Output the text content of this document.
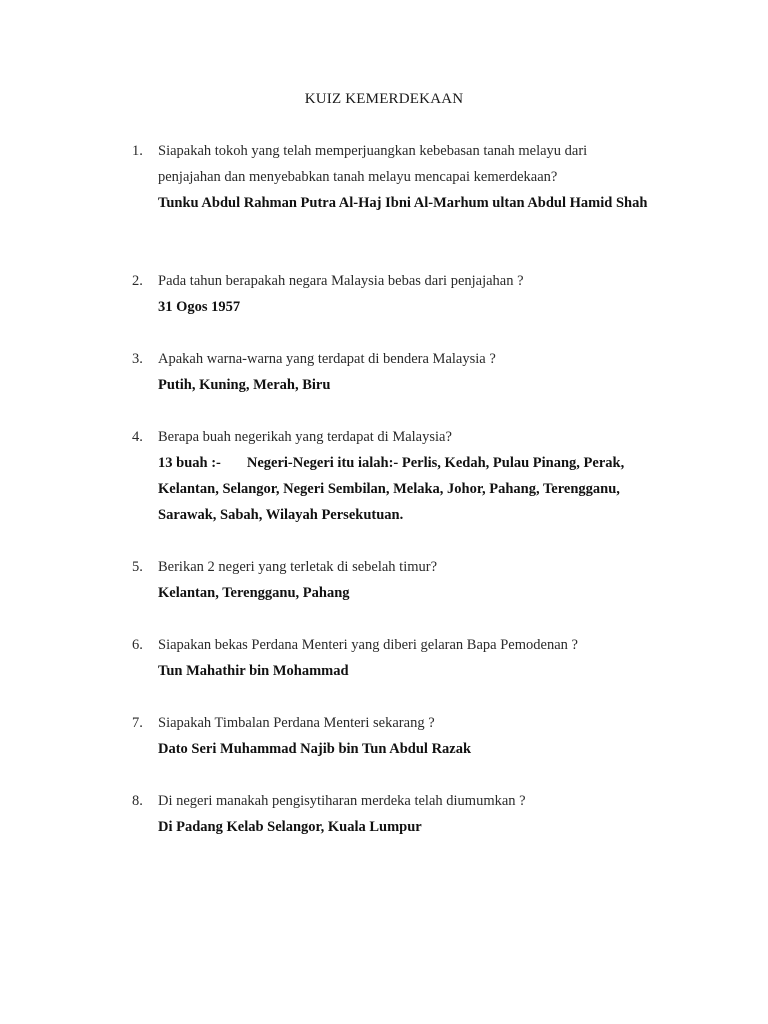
KUIZ KEMERDEKAAN
1.	Siapakah tokoh yang telah memperjuangkan kebebasan tanah melayu dari penjajahan dan menyebabkan tanah melayu mencapai kemerdekaan?
Tunku Abdul Rahman Putra Al-Haj Ibni Al-Marhum ultan Abdul Hamid Shah
2.	Pada tahun berapakah negara Malaysia bebas dari penjajahan ?
31 Ogos 1957
3.	Apakah warna-warna yang terdapat di bendera Malaysia ?
Putih, Kuning, Merah, Biru
4.	Berapa buah negerikah yang terdapat di Malaysia?
13 buah :- Negeri-Negeri itu ialah:- Perlis, Kedah, Pulau Pinang, Perak, Kelantan, Selangor, Negeri Sembilan, Melaka, Johor, Pahang, Terengganu, Sarawak, Sabah, Wilayah Persekutuan.
5.	Berikan 2 negeri yang terletak di sebelah timur?
Kelantan, Terengganu, Pahang
6.	Siapakan bekas Perdana Menteri yang diberi gelaran Bapa Pemodenan ?
Tun Mahathir bin Mohammad
7.	Siapakah Timbalan Perdana Menteri sekarang ?
Dato Seri Muhammad Najib bin Tun Abdul Razak
8.	Di negeri manakah pengisytiharan merdeka telah diumumkan ?
Di Padang Kelab Selangor, Kuala Lumpur
